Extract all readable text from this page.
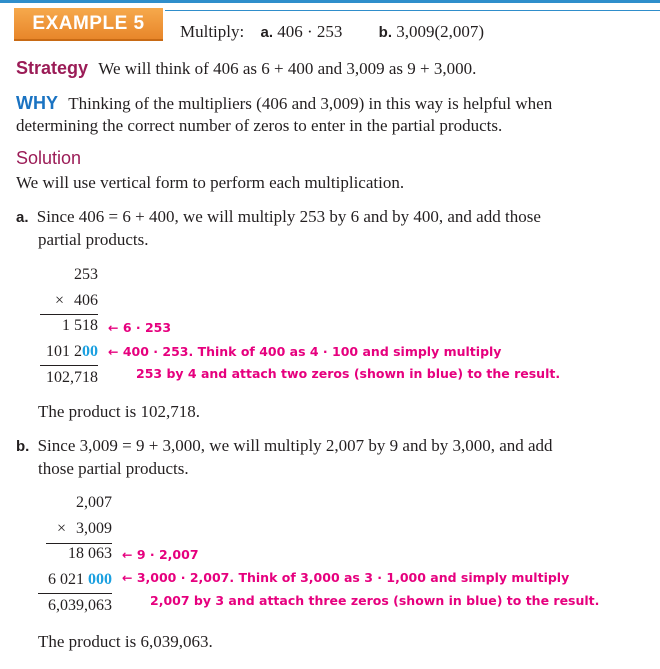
EXAMPLE 5	Multiply: a. 406 · 253 b. 3,009(2,007)
Strategy We will think of 406 as 6 + 400 and 3,009 as 9 + 3,000.
WHY Thinking of the multipliers (406 and 3,009) in this way is helpful when
determining the correct number of zeros to enter in the partial products.
Solution
We will use vertical form to perform each multiplication.
a. Since 406 = 6 + 400, we will multiply 253 by 6 and by 400, and add those
partial products.
253
× 406
1 518
101 200
102,718
← 6 · 253
← 400 · 253. Think of 400 as 4 · 100 and simply multiply
253 by 4 and attach two zeros (shown in blue) to the result.
The product is 102,718.
b. Since 3,009 = 9 + 3,000, we will multiply 2,007 by 9 and by 3,000, and add
those partial products.
2,007
× 3,009
18 063
6 021 000
6,039,063
← 9 · 2,007
← 3,000 · 2,007. Think of 3,000 as 3 · 1,000 and simply multiply
2,007 by 3 and attach three zeros (shown in blue) to the result.
The product is 6,039,063.
